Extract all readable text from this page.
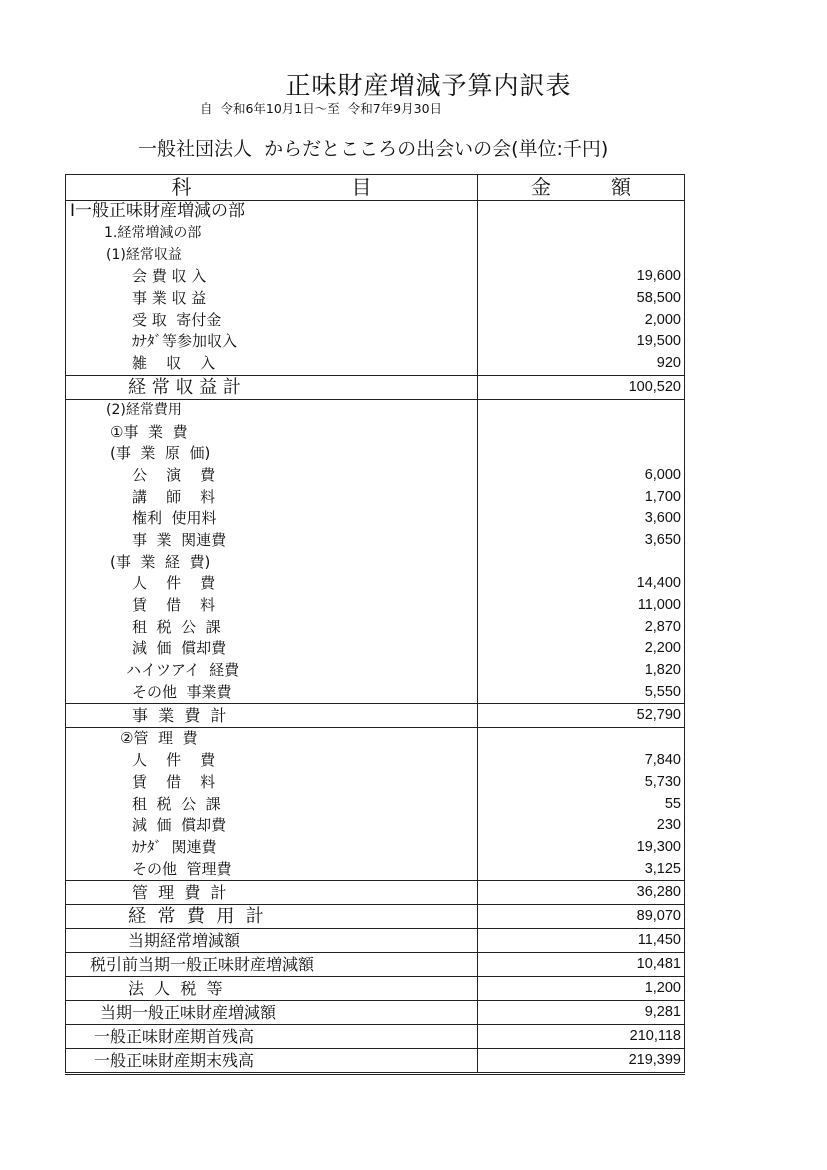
正味財産増減予算内訳表
自  令和6年10月1日～至  令和7年9月30日
一般社団法人  からだとこころの出会いの会(単位:千円)
科　　　　　　　　目	金　　　額
Ⅰ一般正味財産増減の部	
1.経常増減の部	
(1)経常収益	
会 費 収 入	19,600
事 業 収 益	58,500
受 取  寄付金	2,000
ｶﾅﾀﾞ等参加収入	19,500
雑    収    入	920
経 常 収 益 計	100,520
(2)経常費用	
①事  業  費	
(事  業  原  価)	
公    演    費	6,000
講    師    料	1,700
権利  使用料	3,600
事  業  関連費	3,650
(事  業  経  費)	
人    件    費	14,400
賃    借    料	11,000
租  税  公  課	2,870
減  価  償却費	2,200
ハイツアイ  経費	1,820
その他  事業費	5,550
事  業  費  計	52,790
②管  理  費	
人    件    費	7,840
賃    借    料	5,730
租  税  公  課	55
減  価  償却費	230
ｶﾅﾀﾞ  関連費	19,300
その他  管理費	3,125
管  理  費  計	36,280
経  常  費  用  計	89,070
当期経常増減額	11,450
税引前当期一般正味財産増減額	10,481
法  人  税  等	1,200
当期一般正味財産増減額	9,281
一般正味財産期首残高	210,118
一般正味財産期末残高	219,399
